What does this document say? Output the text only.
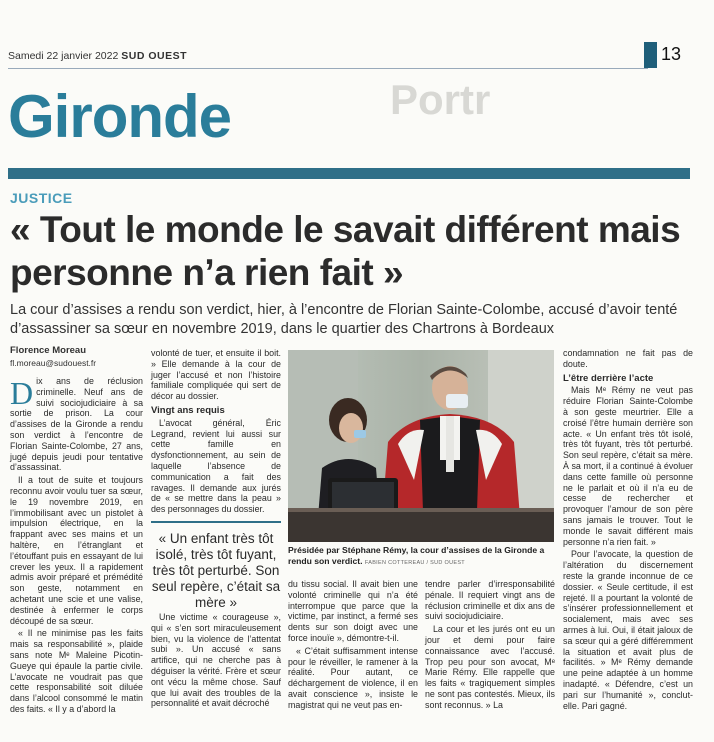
Samedi 22 janvier 2022 SUD OUEST	13
Portr
Gironde
JUSTICE
« Tout le monde le savait différent mais personne n’a rien fait »
La cour d’assises a rendu son verdict, hier, à l’encontre de Florian Sainte-Colombe, accusé d’avoir tenté d’assassiner sa sœur en novembre 2019, dans le quartier des Chartrons à Bordeaux
Florence Moreau
fl.moreau@sudouest.fr

Dix ans de réclusion criminelle. Neuf ans de suivi sociojudiciaire à sa sortie de prison. La cour d’assises de la Gironde a rendu son verdict à l’encontre de Florian Sainte-Colombe, 27 ans, jugé depuis jeudi pour tentative d’assassinat.

Il a tout de suite et toujours reconnu avoir voulu tuer sa sœur, le 19 novembre 2019, en l’immobilisant avec un pistolet à impulsion électrique, en la frappant avec ses mains et un haltère, en l’étranglant et l’étouffant puis en essayant de lui crever les yeux. Il a rapidement admis avoir préparé et prémédité son geste, notamment en achetant une scie et une valise, destinée à enfermer le corps découpé de sa sœur.

« Il ne minimise pas les faits mais sa responsabilité », plaide sans note Mᵉ Maleine Picotin-Gueye qui épaule la partie civile. L’avocate ne voudrait pas que cette responsabilité soit diluée dans l’alcool consommé le matin des faits. « Il y a d’abord la

volonté de tuer, et ensuite il boit. » Elle demande à la cour de juger l’accusé et non l’histoire familiale compliquée qui sert de décor au dossier.

Vingt ans requis

L’avocat général, Éric Legrand, revient lui aussi sur cette famille en dysfonctionnement, au sein de laquelle l’absence de communication a fait des ravages. Il demande aux jurés de « se mettre dans la peau » des personnages du dossier.

« Un enfant très tôt isolé, très tôt fuyant, très tôt perturbé. Son seul repère, c’était sa mère »

Une victime « courageuse », qui « s’en sort miraculeusement bien, vu la violence de l’attentat subi ». Un accusé « sans artifice, qui ne cherche pas à déguiser la vérité. Frère et sœur ont vécu la même chose. Sauf que lui avait des troubles de la personnalité et avait décroché

Présidée par Stéphane Rémy, la cour d’assises de la Gironde a rendu son verdict. FABIEN COTTEREAU / SUD OUEST

du tissu social. Il avait bien une volonté criminelle qui n’a été interrompue que parce que la victime, par instinct, a fermé ses dents sur son doigt avec une force inouïe », démontre-t-il.

« C’était suffisamment intense pour le réveiller, le ramener à la réalité. Pour autant, ce déchargement de violence, il en avait conscience », insiste le magistrat qui ne veut pas en-

tendre parler d’irresponsabilité pénale. Il requiert vingt ans de réclusion criminelle et dix ans de suivi sociojudiciaire.

La cour et les jurés ont eu un jour et demi pour faire connaissance avec l’accusé. Trop peu pour son avocat, Mᵉ Marie Rémy. Elle rappelle que les faits « tragiquement simples ne sont pas contestés. Mieux, ils sont reconnus. » La

condamnation ne fait pas de doute.

L’être derrière l’acte

Mais Mᵉ Rémy ne veut pas réduire Florian Sainte-Colombe à son geste meurtrier. Elle a croisé l’être humain derrière son acte. « Un enfant très tôt isolé, très tôt fuyant, très tôt perturbé. Son seul repère, c’était sa mère. À sa mort, il a continué à évoluer dans cette famille où personne ne le parlait et où il n’a eu de cesse de rechercher et provoquer l’amour de son père sans jamais le trouver. Tout le monde le savait différent mais personne n’a rien fait. »

Pour l’avocate, la question de l’altération du discernement reste la grande inconnue de ce dossier. « Seule certitude, il est rejeté. Il a pourtant la volonté de s’insérer professionnellement et socialement, mais avec ses armes à lui. Oui, il était jaloux de sa sœur qui a géré différemment la situation et avait plus de facilités. » Mᵉ Rémy demande une peine adaptée à un homme inadapté. « Défendre, c’est un pari sur l’humanité », conclut-elle. Pari gagné.
